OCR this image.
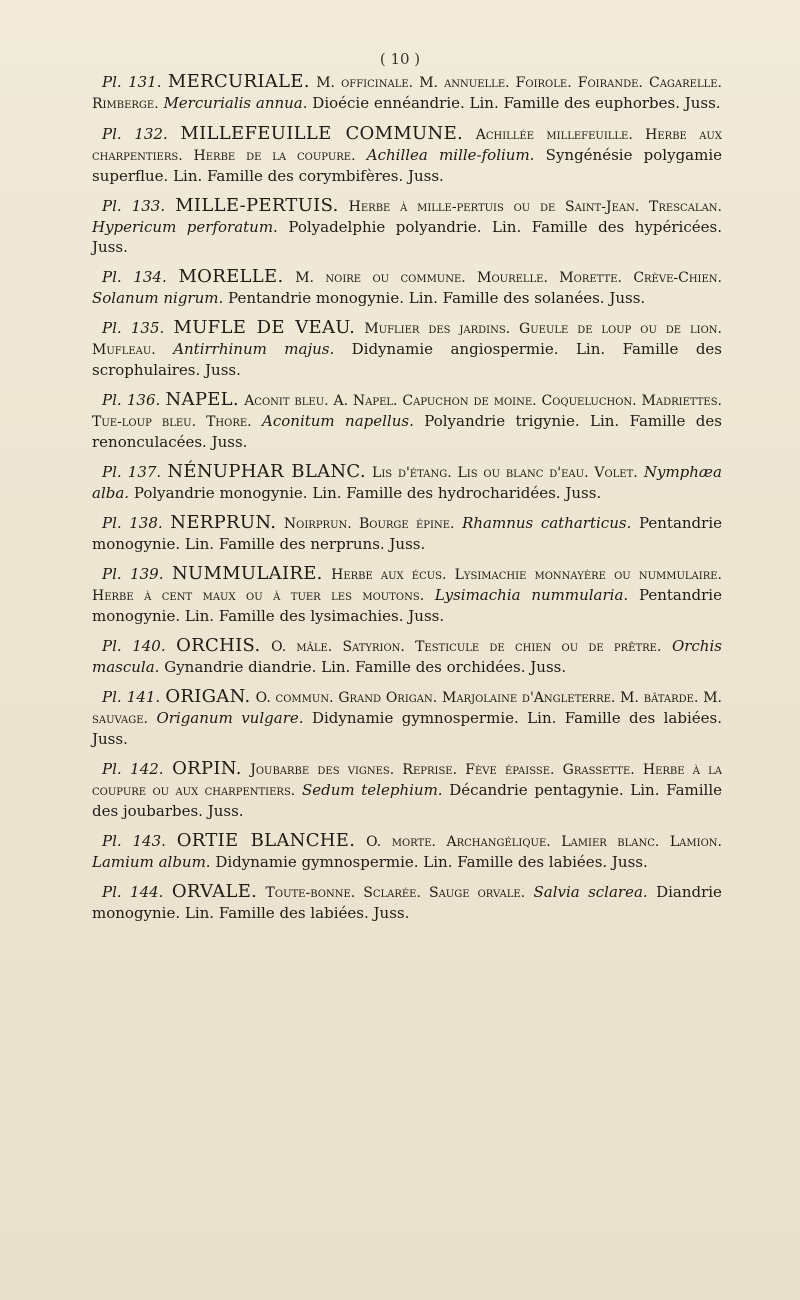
( 10 )

Pl. 131. MERCURIALE. M. officinale. M. annuelle. Foirole. Foirande. Cagarelle. Rimberge. Mercurialis annua. Dioécie ennéandrie. Lin. Famille des euphorbes. Juss.

Pl. 132. MILLEFEUILLE COMMUNE. Achillée millefeuille. Herbe aux charpentiers. Herbe de la coupure. Achillea mille-folium. Syngénésie polygamie superflue. Lin. Famille des corymbifères. Juss.

Pl. 133. MILLE-PERTUIS. Herbe à mille-pertuis ou de Saint-Jean. Trescalan. Hypericum perforatum. Polyadelphie polyandrie. Lin. Famille des hypéricées. Juss.

Pl. 134. MORELLE. M. noire ou commune. Mourelle. Morette. Crève-Chien. Solanum nigrum. Pentandrie monogynie. Lin. Famille des solanées. Juss.

Pl. 135. MUFLE DE VEAU. Muflier des jardins. Gueule de loup ou de lion. Mufleau. Antirrhinum majus. Didynamie angiospermie. Lin. Famille des scrophulaires. Juss.

Pl. 136. NAPEL. Aconit bleu. A. Napel. Capuchon de moine. Coqueluchon. Madriettes. Tue-loup bleu. Thore. Aconitum napellus. Polyandrie trigynie. Lin. Famille des renonculacées. Juss.

Pl. 137. NÉNUPHAR BLANC. Lis d'étang. Lis ou blanc d'eau. Volet. Nymphæa alba. Polyandrie monogynie. Lin. Famille des hydrocharidées. Juss.

Pl. 138. NERPRUN. Noirprun. Bourge épine. Rhamnus catharticus. Pentandrie monogynie. Lin. Famille des nerpruns. Juss.

Pl. 139. NUMMULAIRE. Herbe aux écus. Lysimachie monnayère ou nummulaire. Herbe à cent maux ou à tuer les moutons. Lysimachia nummularia. Pentandrie monogynie. Lin. Famille des lysimachies. Juss.

Pl. 140. ORCHIS. O. mâle. Satyrion. Testicule de chien ou de prêtre. Orchis mascula. Gynandrie diandrie. Lin. Famille des orchidées. Juss.

Pl. 141. ORIGAN. O. commun. Grand Origan. Marjolaine d'Angleterre. M. bâtarde. M. sauvage. Origanum vulgare. Didynamie gymnospermie. Lin. Famille des labiées. Juss.

Pl. 142. ORPIN. Joubarbe des vignes. Reprise. Fève épaisse. Grassette. Herbe à la coupure ou aux charpentiers. Sedum telephium. Décandrie pentagynie. Lin. Famille des joubarbes. Juss.

Pl. 143. ORTIE BLANCHE. O. morte. Archangélique. Lamier blanc. Lamion. Lamium album. Didynamie gymnospermie. Lin. Famille des labiées. Juss.

Pl. 144. ORVALE. Toute-bonne. Sclarée. Sauge orvale. Salvia sclarea. Diandrie monogynie. Lin. Famille des labiées. Juss.
